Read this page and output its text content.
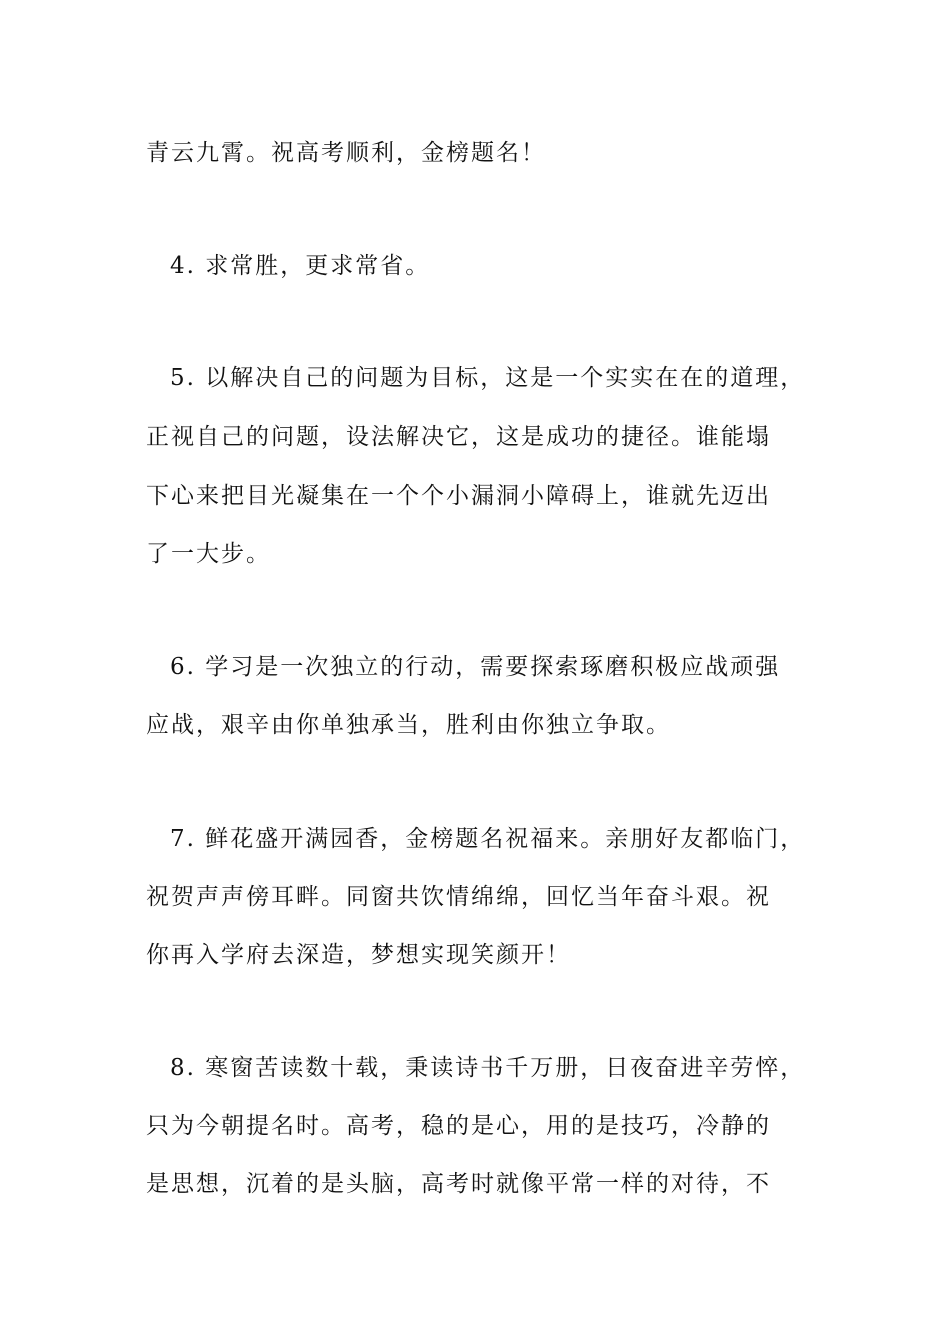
青云九霄。祝高考顺利，金榜题名！
4. 求常胜，更求常省。
5. 以解决自己的问题为目标，这是一个实实在在的道理，
正视自己的问题，设法解决它，这是成功的捷径。谁能塌
下心来把目光凝集在一个个小漏洞小障碍上，谁就先迈出
了一大步。
6. 学习是一次独立的行动，需要探索琢磨积极应战顽强
应战，艰辛由你单独承当，胜利由你独立争取。
7. 鲜花盛开满园香，金榜题名祝福来。亲朋好友都临门，
祝贺声声傍耳畔。同窗共饮情绵绵，回忆当年奋斗艰。祝
你再入学府去深造，梦想实现笑颜开！
8. 寒窗苦读数十载，秉读诗书千万册，日夜奋进辛劳悴，
只为今朝提名时。高考，稳的是心，用的是技巧，冷静的
是思想，沉着的是头脑，高考时就像平常一样的对待，不
